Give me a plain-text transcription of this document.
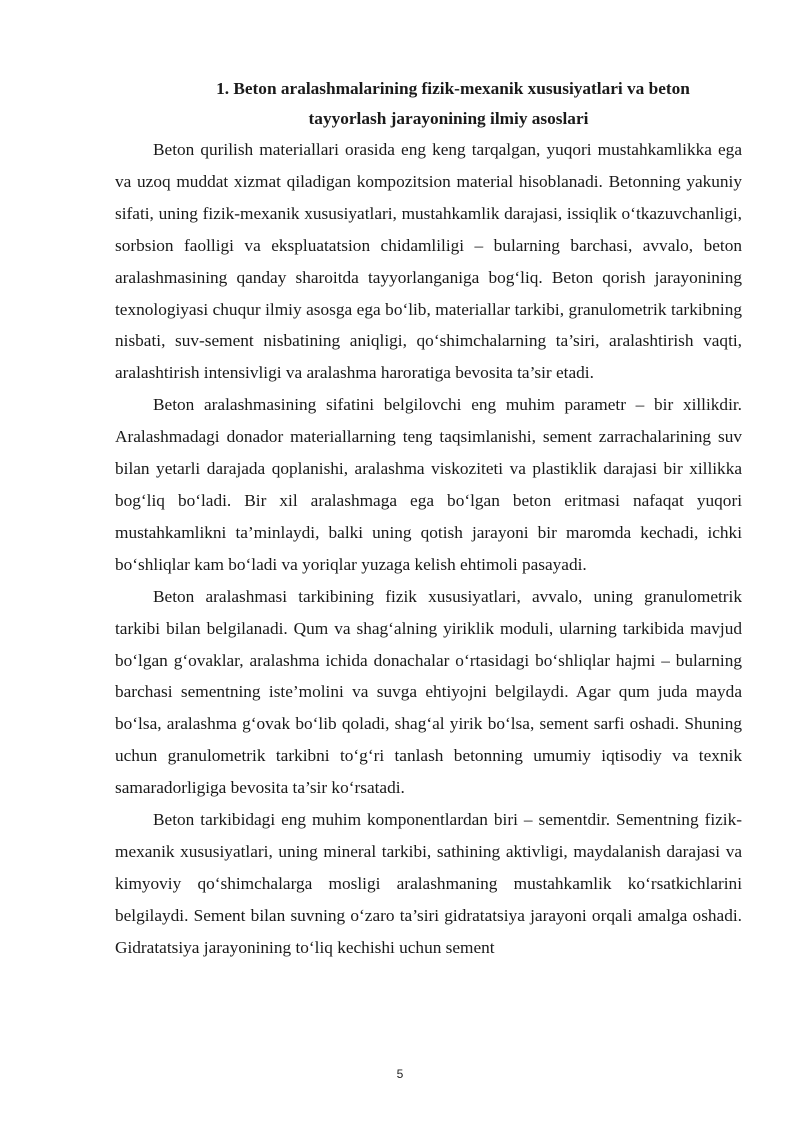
1. Beton aralashmalarining fizik-mexanik xususiyatlari va beton
tayyorlash jarayonining ilmiy asoslari

Beton qurilish materiallari orasida eng keng tarqalgan, yuqori mustahkamlikka ega va uzoq muddat xizmat qiladigan kompozitsion material hisoblanadi. Betonning yakuniy sifati, uning fizik-mexanik xususiyatlari, mustahkamlik darajasi, issiqlik o‘tkazuvchanligi, sorbsion faolligi va ekspluatatsion chidamliligi – bularning barchasi, avvalo, beton aralashmasining qanday sharoitda tayyorlanganiga bog‘liq. Beton qorish jarayonining texnologiyasi chuqur ilmiy asosga ega bo‘lib, materiallar tarkibi, granulometrik tarkibning nisbati, suv-sement nisbatining aniqligi, qo‘shimchalarning ta’siri, aralashtirish vaqti, aralashtirish intensivligi va aralashma haroratiga bevosita ta’sir etadi.

Beton aralashmasining sifatini belgilovchi eng muhim parametr – bir xillikdir. Aralashmadagi donador materiallarning teng taqsimlanishi, sement zarrachalarining suv bilan yetarli darajada qoplanishi, aralashma viskoziteti va plastiklik darajasi bir xillikka bog‘liq bo‘ladi. Bir xil aralashmaga ega bo‘lgan beton eritmasi nafaqat yuqori mustahkamlikni ta’minlaydi, balki uning qotish jarayoni bir maromda kechadi, ichki bo‘shliqlar kam bo‘ladi va yoriqlar yuzaga kelish ehtimoli pasayadi.

Beton aralashmasi tarkibining fizik xususiyatlari, avvalo, uning granulometrik tarkibi bilan belgilanadi. Qum va shag‘alning yiriklik moduli, ularning tarkibida mavjud bo‘lgan g‘ovaklar, aralashma ichida donachalar o‘rtasidagi bo‘shliqlar hajmi – bularning barchasi sementning iste’molini va suvga ehtiyojni belgilaydi. Agar qum juda mayda bo‘lsa, aralashma g‘ovak bo‘lib qoladi, shag‘al yirik bo‘lsa, sement sarfi oshadi. Shuning uchun granulometrik tarkibni to‘g‘ri tanlash betonning umumiy iqtisodiy va texnik samaradorligiga bevosita ta’sir ko‘rsatadi.

Beton tarkibidagi eng muhim komponentlardan biri – sementdir. Sementning fizik-mexanik xususiyatlari, uning mineral tarkibi, sathining aktivligi, maydalanish darajasi va kimyoviy qo‘shimchalarga mosligi aralashmaning mustahkamlik ko‘rsatkichlarini belgilaydi. Sement bilan suvning o‘zaro ta’siri gidratatsiya jarayoni orqali amalga oshadi. Gidratatsiya jarayonining to‘liq kechishi uchun sement

5
